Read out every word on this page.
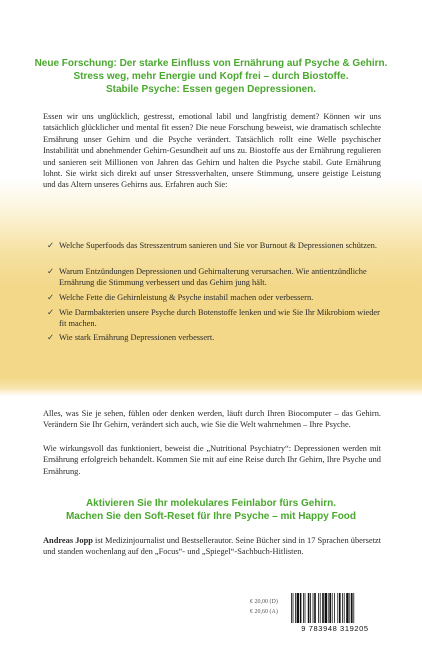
Neue Forschung: Der starke Einfluss von Ernährung auf Psyche & Gehirn.
Stress weg, mehr Energie und Kopf frei – durch Biostoffe.
Stabile Psyche: Essen gegen Depressionen.

Essen wir uns unglücklich, gestresst, emotional labil und langfristig dement? Können wir uns tatsächlich glücklicher und mental fit essen? Die neue Forschung beweist, wie dramatisch schlechte Ernährung unser Gehirn und die Psyche verändert. Tatsächlich rollt eine Welle psychischer Instabilität und abnehmender Gehirn-Gesundheit auf uns zu. Biostoffe aus der Ernährung regulieren und sanieren seit Millionen von Jahren das Gehirn und halten die Psyche stabil. Gute Ernährung lohnt. Sie wirkt sich direkt auf unser Stressverhalten, unsere Stimmung, unsere geistige Leistung und das Altern unseres Gehirns aus. Erfahren auch Sie:

✓ Welche Superfoods das Stresszentrum sanieren und Sie vor Burnout & Depressionen schützen.
✓ Warum Entzündungen Depressionen und Gehirnalterung verursachen. Wie antientzündliche Ernährung die Stimmung verbessert und das Gehirn jung hält.
✓ Welche Fette die Gehirnleistung & Psyche instabil machen oder verbessern.
✓ Wie Darmbakterien unsere Psyche durch Botenstoffe lenken und wie Sie Ihr Mikrobiom wieder fit machen.
✓ Wie stark Ernährung Depressionen verbessert.

Alles, was Sie je sehen, fühlen oder denken werden, läuft durch Ihren Biocomputer – das Gehirn. Verändern Sie Ihr Gehirn, verändert sich auch, wie Sie die Welt wahrnehmen – Ihre Psyche.

Wie wirkungsvoll das funktioniert, beweist die „Nutritional Psychiatry“: Depressionen werden mit Ernährung erfolgreich behandelt. Kommen Sie mit auf eine Reise durch Ihr Gehirn, Ihre Psyche und Ernährung.

Aktivieren Sie Ihr molekulares Feinlabor fürs Gehirn.
Machen Sie den Soft-Reset für Ihre Psyche – mit Happy Food

Andreas Jopp ist Medizinjournalist und Bestsellerautor. Seine Bücher sind in 17 Sprachen übersetzt und standen wochenlang auf den „Focus“- und „Spiegel“-Sachbuch-Hitlisten.

€ 20,00 (D)
€ 20,60 (A)
9 783948 319205
